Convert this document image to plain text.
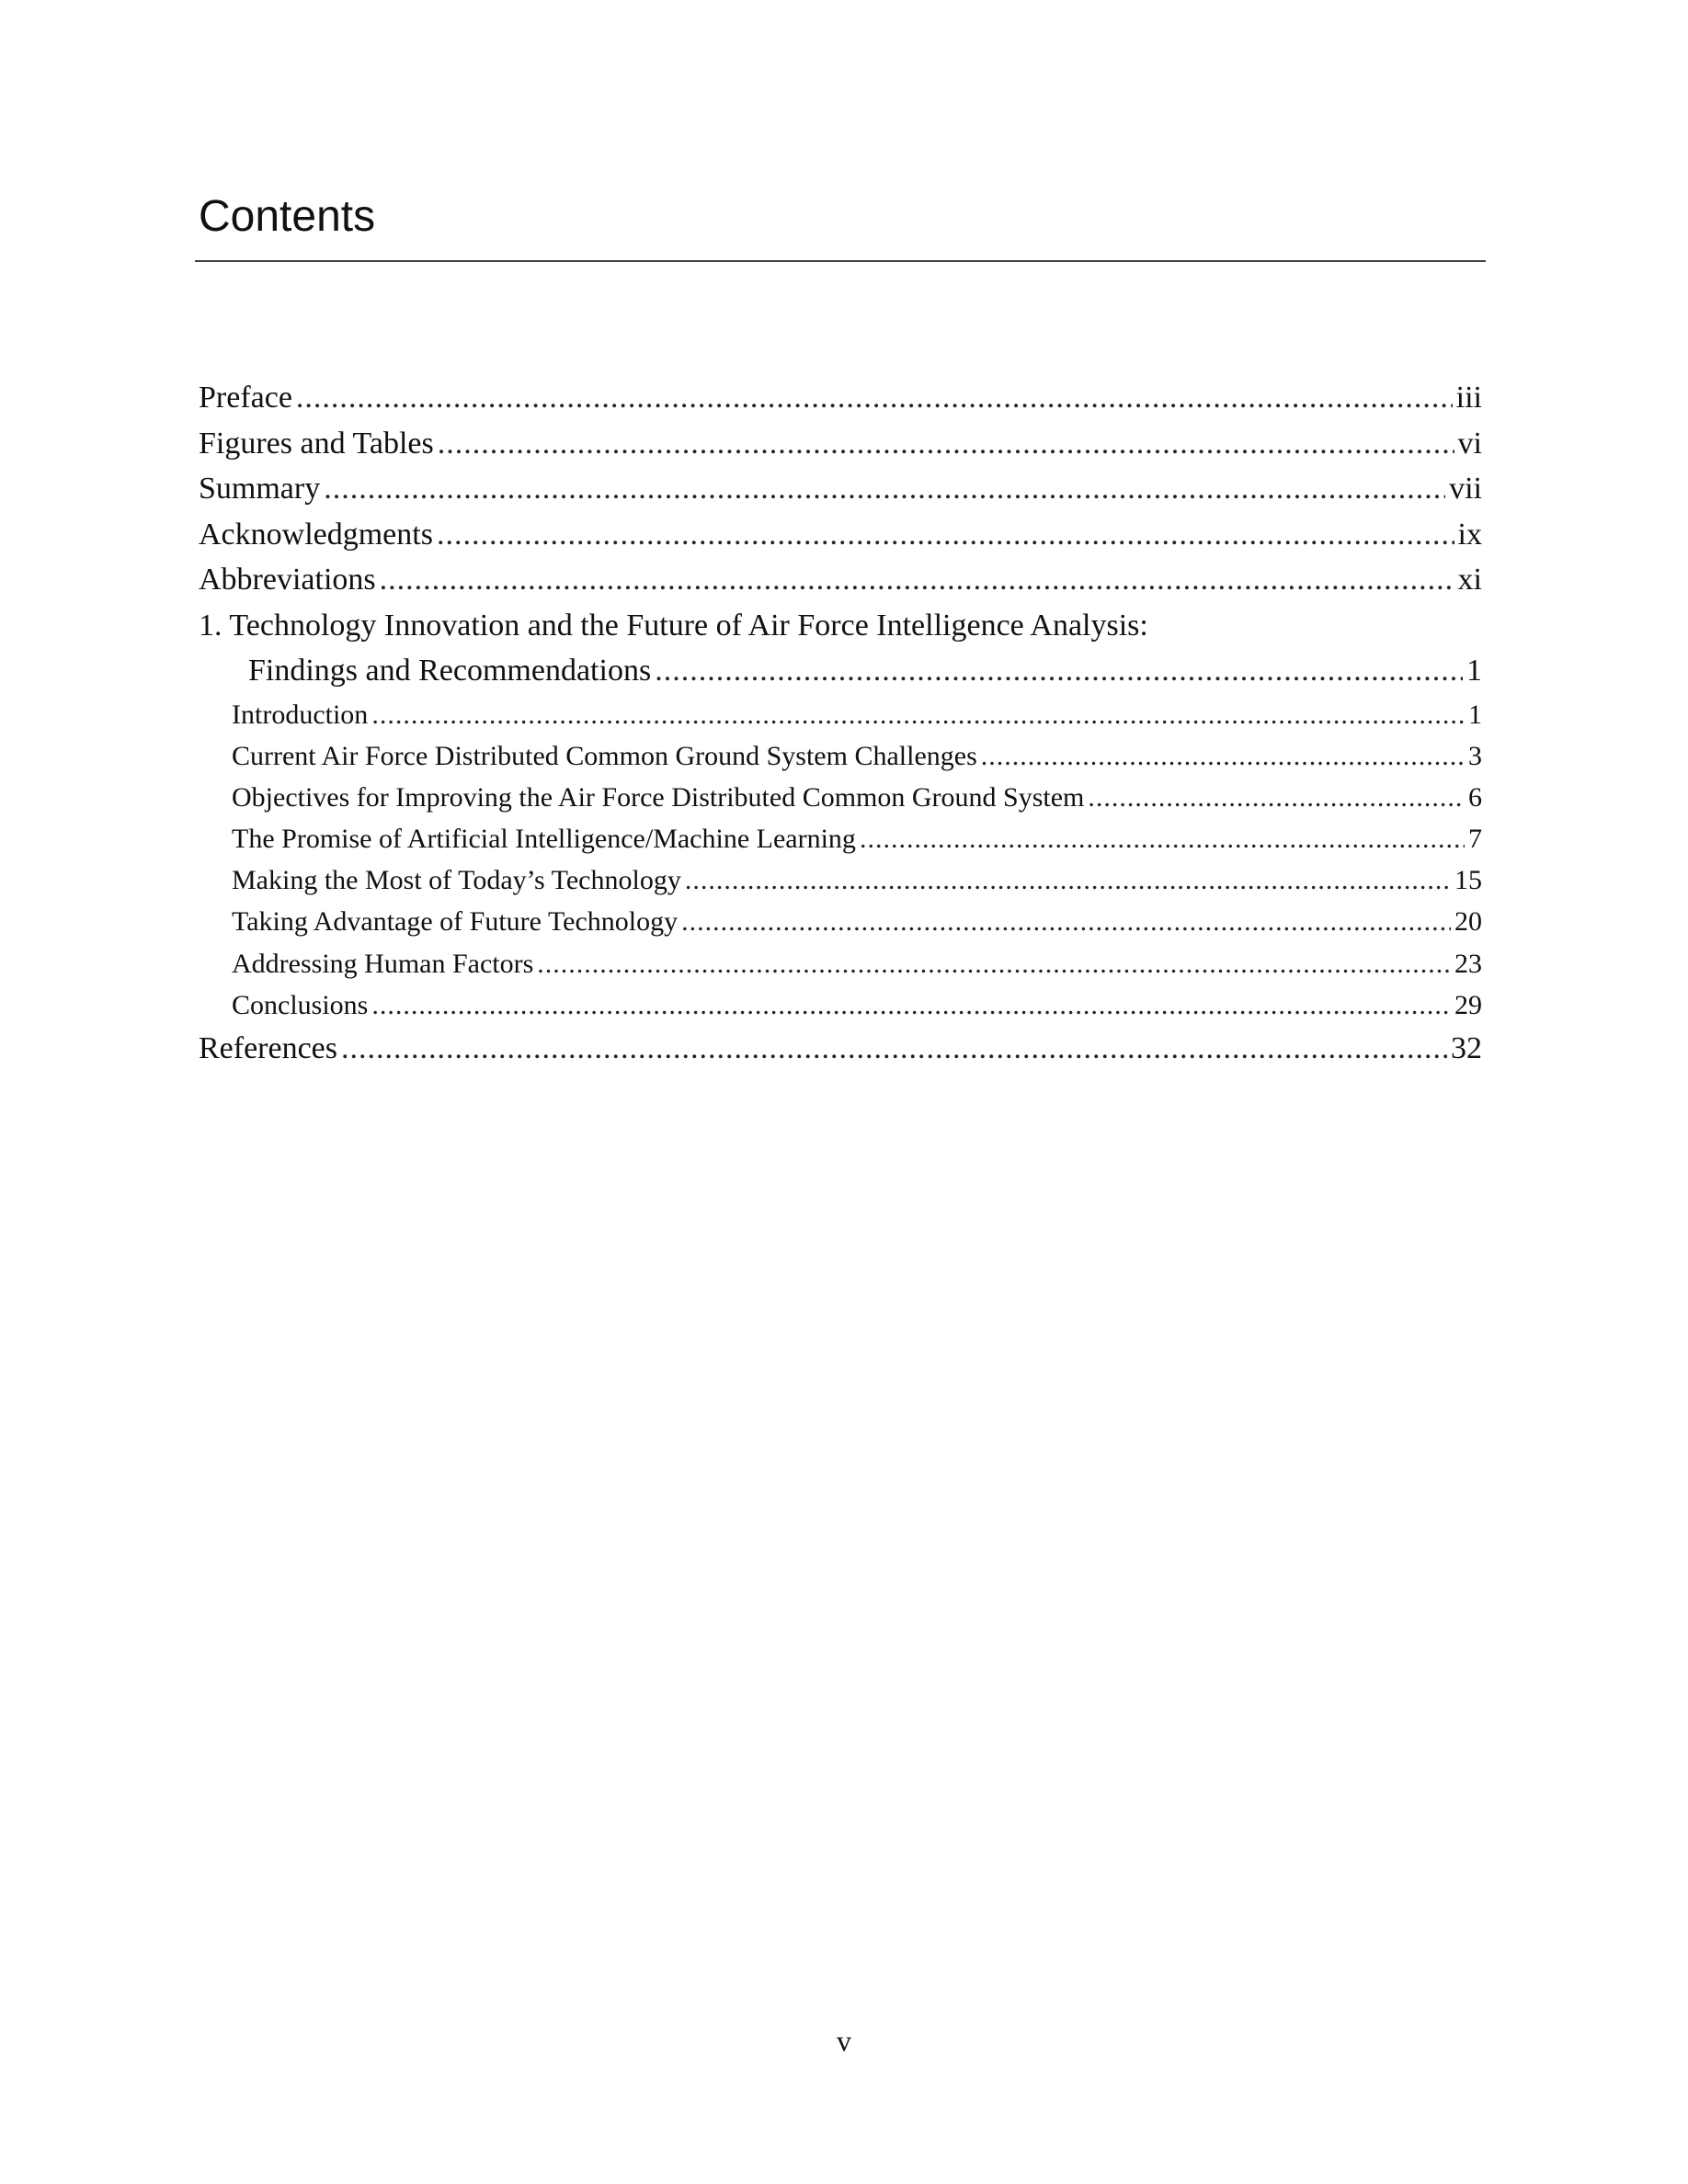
Contents
Preface .....	iii
Figures and Tables .....	vi
Summary .....	vii
Acknowledgments .....	ix
Abbreviations .....	xi
1. Technology Innovation and the Future of Air Force Intelligence Analysis:
Findings and Recommendations .....	1
Introduction .....	1
Current Air Force Distributed Common Ground System Challenges .....	3
Objectives for Improving the Air Force Distributed Common Ground System .....	6
The Promise of Artificial Intelligence/Machine Learning .....	7
Making the Most of Today’s Technology .....	15
Taking Advantage of Future Technology .....	20
Addressing Human Factors .....	23
Conclusions .....	29
References .....	32
v
